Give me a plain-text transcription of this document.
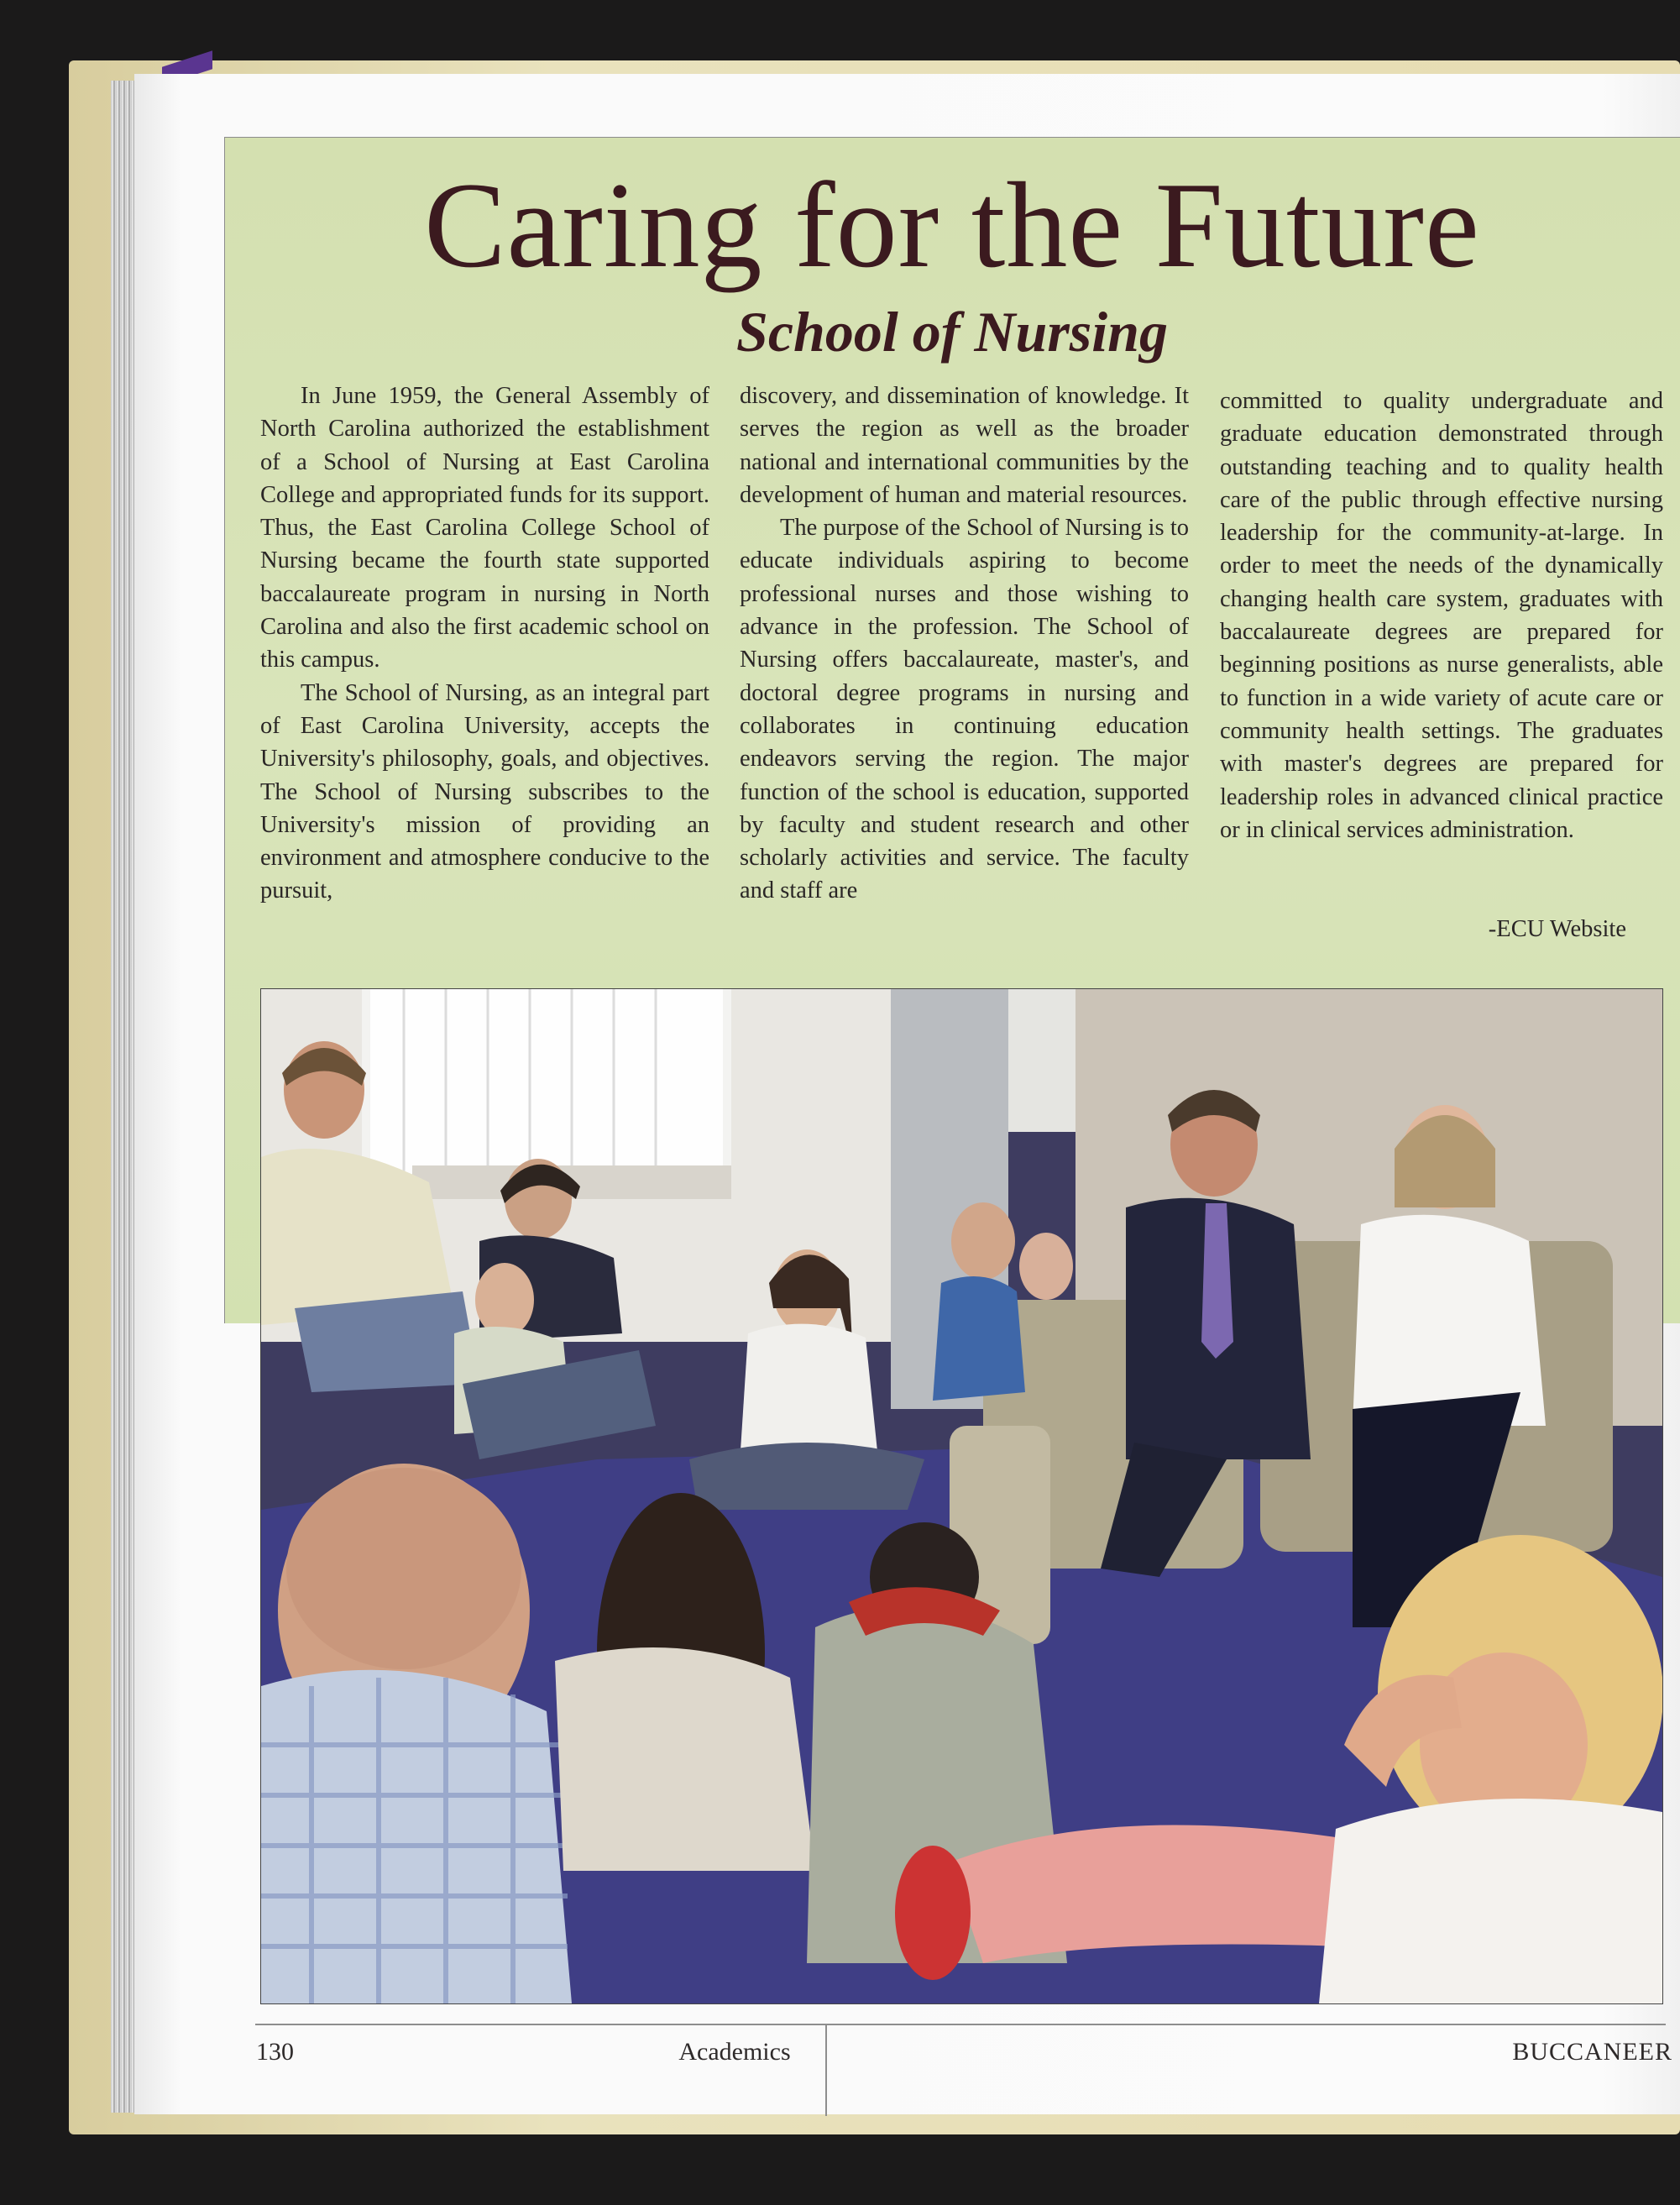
Caring for the Future
School of Nursing

In June 1959, the General Assembly of North Carolina authorized the establishment of a School of Nursing at East Carolina College and appropriated funds for its support. Thus, the East Carolina College School of Nursing became the fourth state supported baccalaureate program in nursing in North Carolina and also the first academic school on this campus.

The School of Nursing, as an integral part of East Carolina University, accepts the University's philosophy, goals, and objectives. The School of Nursing subscribes to the University's mission of providing an environment and atmosphere conducive to the pursuit,

discovery, and dissemination of knowledge. It serves the region as well as the broader national and international communities by the development of human and material resources.

The purpose of the School of Nursing is to educate individuals aspiring to become professional nurses and those wishing to advance in the profession. The School of Nursing offers baccalaureate, master's, and doctoral degree programs in nursing and collaborates in continuing education endeavors serving the region. The major function of the school is education, supported by faculty and student research and other scholarly activities and service. The faculty and staff are

committed to quality undergraduate and graduate education demonstrated through outstanding teaching and to quality health care of the public through effective nursing leadership for the community-at-large. In order to meet the needs of the dynamically changing health care system, graduates with baccalaureate degrees are prepared for beginning positions as nurse generalists, able to function in a wide variety of acute care or community health settings. The graduates with master's degrees are prepared for leadership roles in advanced clinical practice or in clinical services administration.

-ECU Website
130	Academics	BUCCANEER
